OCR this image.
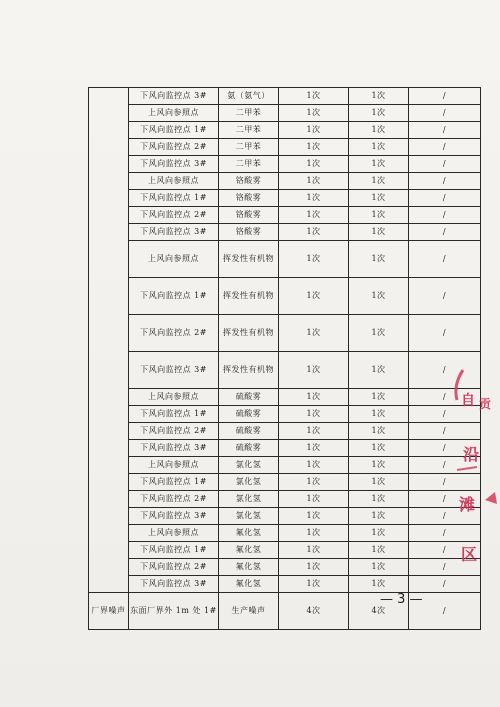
	下风向监控点 3#	氨（氨气）	1次	1次	/
	上风向参照点	二甲苯	1次	1次	/
	下风向监控点 1#	二甲苯	1次	1次	/
	下风向监控点 2#	二甲苯	1次	1次	/
	下风向监控点 3#	二甲苯	1次	1次	/
	上风向参照点	铬酸雾	1次	1次	/
	下风向监控点 1#	铬酸雾	1次	1次	/
	下风向监控点 2#	铬酸雾	1次	1次	/
	下风向监控点 3#	铬酸雾	1次	1次	/
	上风向参照点	挥发性有机物	1次	1次	/
	下风向监控点 1#	挥发性有机物	1次	1次	/
	下风向监控点 2#	挥发性有机物	1次	1次	/
	下风向监控点 3#	挥发性有机物	1次	1次	/
	上风向参照点	硫酸雾	1次	1次	/
	下风向监控点 1#	硫酸雾	1次	1次	/
	下风向监控点 2#	硫酸雾	1次	1次	/
	下风向监控点 3#	硫酸雾	1次	1次	/
	上风向参照点	氯化氢	1次	1次	/
	下风向监控点 1#	氯化氢	1次	1次	/
	下风向监控点 2#	氯化氢	1次	1次	/
	下风向监控点 3#	氯化氢	1次	1次	/
	上风向参照点	氟化氢	1次	1次	/
	下风向监控点 1#	氟化氢	1次	1次	/
	下风向监控点 2#	氟化氢	1次	1次	/
	下风向监控点 3#	氟化氢	1次	1次	/
厂界噪声	东面厂界外 1m 处 1#	生产噪声	4次	4次	/
— 3 —
自 贡
沿
滩
区
